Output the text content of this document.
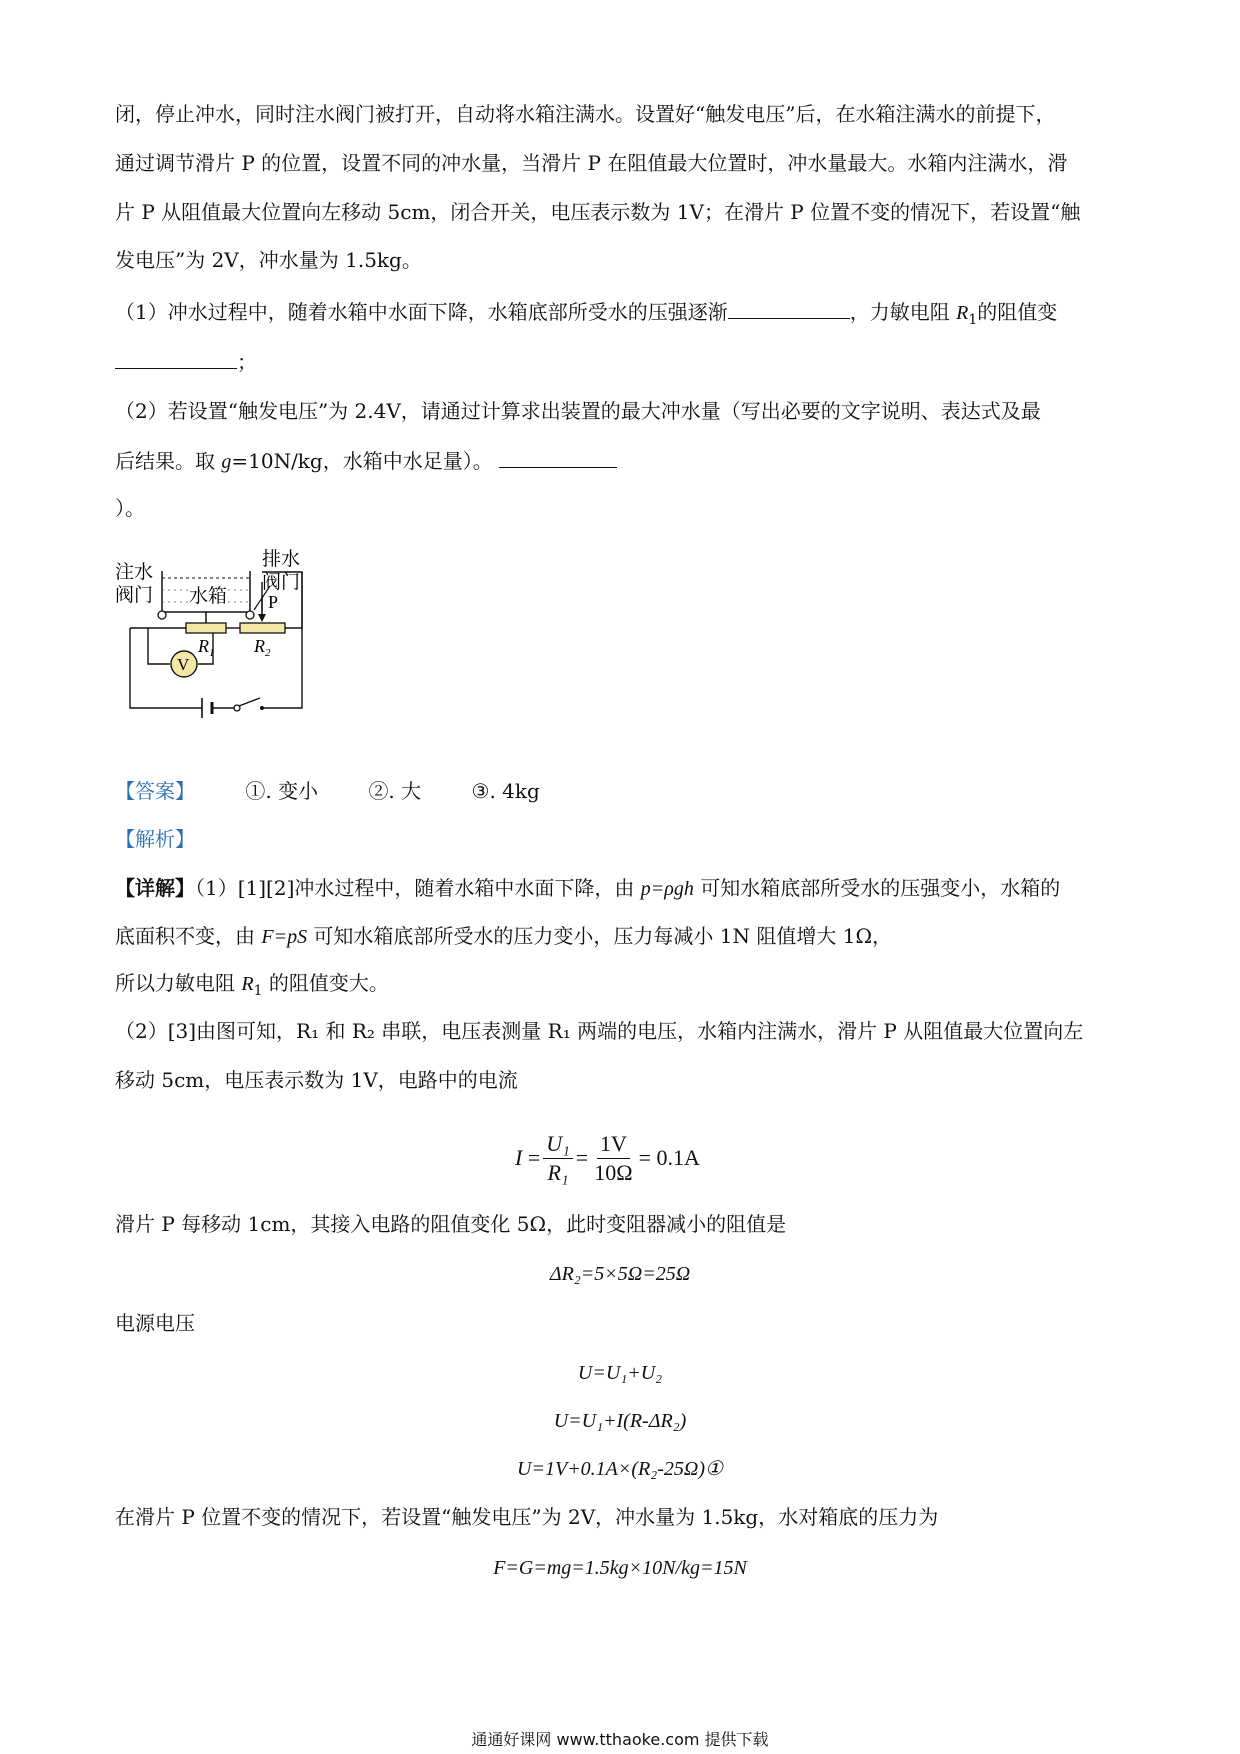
闭，停止冲水，同时注水阀门被打开，自动将水箱注满水。设置好“触发电压”后，在水箱注满水的前提下，

通过调节滑片 P 的位置，设置不同的冲水量，当滑片 P 在阻值最大位置时，冲水量最大。水箱内注满水，滑

片 P 从阻值最大位置向左移动 5cm，闭合开关，电压表示数为 1V；在滑片 P 位置不变的情况下，若设置“触

发电压”为 2V，冲水量为 1.5kg。

（1）冲水过程中，随着水箱中水面下降，水箱底部所受水的压强逐渐	，力敏电阻 $R_1$的阻值变

；

（2）若设置“触发电压”为 2.4V，请通过计算求出装置的最大冲水量（写出必要的文字说明、表达式及最

后结果。取 g=10N/kg，水箱中水足量）。

）。

注水
阀门
排水
阀门
水箱 P
$R_1$ $R_2$
V

【答案】	①. 变小	②. 大	③. 4kg

【解析】

【详解】（1）[1][2]冲水过程中，随着水箱中水面下降，由 p=ρgh 可知水箱底部所受水的压强变小，水箱的

底面积不变，由 F=pS 可知水箱底部所受水的压力变小，压力每减小 1N 阻值增大 1Ω，

所以力敏电阻 $R_1$ 的阻值变大。

（2）[3]由图可知，R₁ 和 R₂ 串联，电压表测量 R₁ 两端的电压，水箱内注满水，滑片 P 从阻值最大位置向左

移动 5cm，电压表示数为 1V，电路中的电流

$I = \frac{\text{U₁}}{\text{R₁}} = \frac{1V}{10\Omega} = 0.1A$

滑片 P 每移动 1cm，其接入电路的阻值变化 5Ω，此时变阻器减小的阻值是

ΔR₂=5×5Ω=25Ω

电源电压

U=U₁+U₂
U=U₁+I(R-ΔR₂)
U=1V+0.1A×(R₂-25Ω)①

在滑片 P 位置不变的情况下，若设置“触发电压”为 2V，冲水量为 1.5kg，水对箱底的压力为

F=G=mg=1.5kg×10N/kg=15N
通通好课网 www.tthaoke.com 提供下载
